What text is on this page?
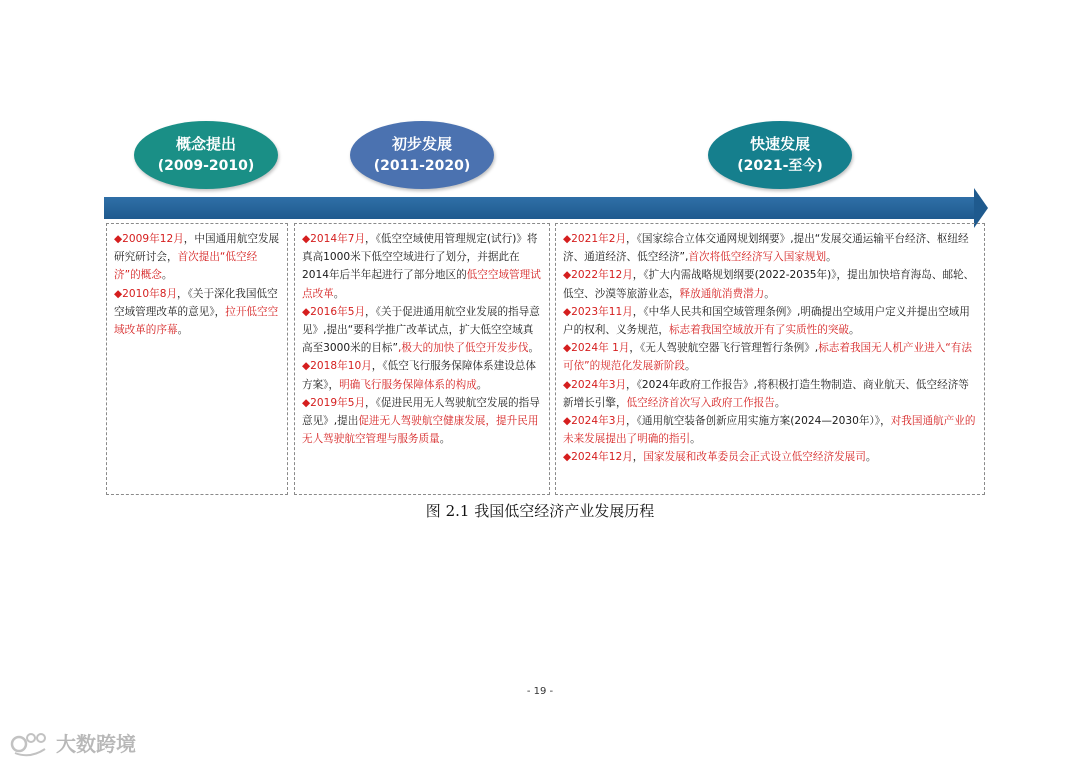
概念提出
(2009-2010)
初步发展
(2011-2020)
快速发展
(2021-至今)

◆2009年12月，中国通用航空发展研究研讨会，首次提出“低空经济”的概念。

◆2010年8月，《关于深化我国低空空域管理改革的意见》，拉开低空空域改革的序幕。

◆2014年7月，《低空空域使用管理规定(试行)》将真高1000米下低空空域进行了划分，并据此在2014年后半年起进行了部分地区的低空空域管理试点改革。

◆2016年5月，《关于促进通用航空业发展的指导意见》,提出“要科学推广改革试点，扩大低空空域真高至3000米的目标”,极大的加快了低空开发步伐。

◆2018年10月，《低空飞行服务保障体系建设总体方案》，明确飞行服务保障体系的构成。

◆2019年5月，《促进民用无人驾驶航空发展的指导意见》,提出促进无人驾驶航空健康发展，提升民用无人驾驶航空管理与服务质量。

◆2021年2月，《国家综合立体交通网规划纲要》,提出“发展交通运输平台经济、枢纽经济、通道经济、低空经济”,首次将低空经济写入国家规划。

◆2022年12月，《扩大内需战略规划纲要(2022-2035年)》，提出加快培育海岛、邮轮、低空、沙漠等旅游业态，释放通航消费潜力。

◆2023年11月，《中华人民共和国空域管理条例》,明确提出空域用户定义并提出空域用户的权利、义务规范，标志着我国空域放开有了实质性的突破。

◆2024年 1月，《无人驾驶航空器飞行管理暂行条例》,标志着我国无人机产业进入“有法可依”的规范化发展新阶段。

◆2024年3月，《2024年政府工作报告》,将积极打造生物制造、商业航天、低空经济等新增长引擎，低空经济首次写入政府工作报告。

◆2024年3月，《通用航空装备创新应用实施方案(2024—2030年）》，对我国通航产业的未来发展提出了明确的指引。

◆2024年12月，国家发展和改革委员会正式设立低空经济发展司。

图 2.1 我国低空经济产业发展历程
- 19 -
大数跨境
